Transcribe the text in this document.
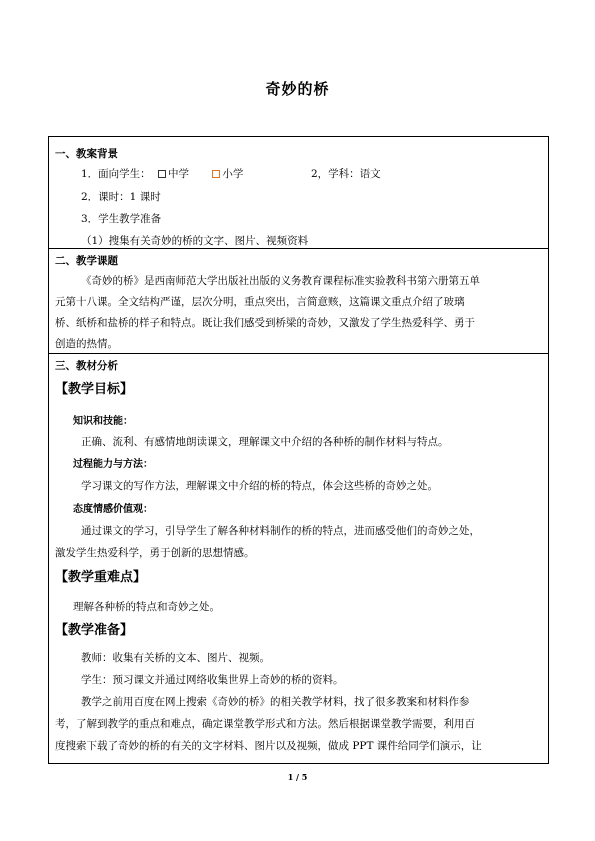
奇妙的桥
一、教案背景
1．面向学生： 中学	小学	2，学科：语文
2．课时：1 课时
3．学生教学准备
（1）搜集有关奇妙的桥的文字、图片、视频资料
二、教学课题
《奇妙的桥》是西南师范大学出版社出版的义务教育课程标准实验教科书第六册第五单
元第十八课。全文结构严谨，层次分明，重点突出，言简意赅，这篇课文重点介绍了玻璃
桥、纸桥和盐桥的样子和特点。既让我们感受到桥梁的奇妙，又激发了学生热爱科学、勇于
创造的热情。
三、教材分析
【教学目标】
知识和技能：
正确、流利、有感情地朗读课文，理解课文中介绍的各种桥的制作材料与特点。
过程能力与方法：
学习课文的写作方法，理解课文中介绍的桥的特点，体会这些桥的奇妙之处。
态度情感价值观：
通过课文的学习，引导学生了解各种材料制作的桥的特点，进而感受他们的奇妙之处，
激发学生热爱科学，勇于创新的思想情感。
【教学重难点】
理解各种桥的特点和奇妙之处。
【教学准备】
教师：收集有关桥的文本、图片、视频。
学生：预习课文并通过网络收集世界上奇妙的桥的资料。
教学之前用百度在网上搜索《奇妙的桥》的相关教学材料，找了很多教案和材料作参
考，了解到教学的重点和难点，确定课堂教学形式和方法。然后根据课堂教学需要，利用百
度搜索下载了奇妙的桥的有关的文字材料、图片以及视频，做成 PPT 课件给同学们演示，让
1 / 5
